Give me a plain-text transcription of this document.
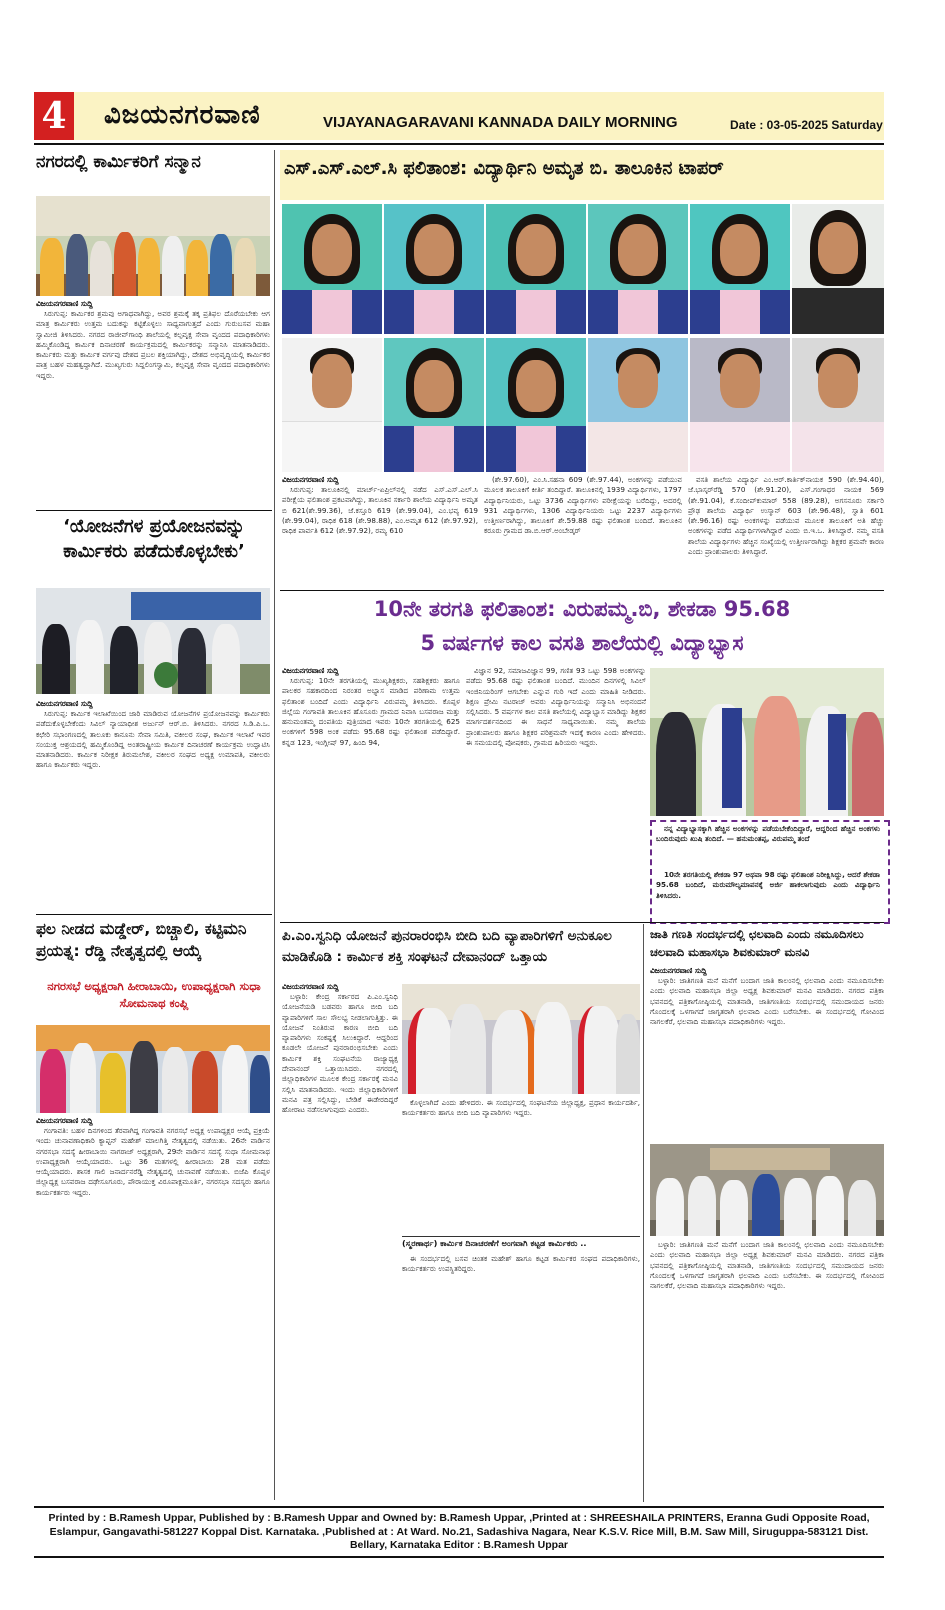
4 ವಿಜಯನಗರವಾಣಿ	VIJAYANAGARAVANI KANNADA DAILY MORNING	Date : 03-05-2025 Saturday
ನಗರದಲ್ಲಿ ಕಾರ್ಮಿಕರಿಗೆ ಸನ್ಮಾನ
ವಿಜಯನಗರವಾಣಿ ಸುದ್ದಿ

ಸಿರುಗುಪ್ಪ: ಕಾರ್ಮಿಕರ ಶ್ರಮವು ಅಗಾಧವಾಗಿದ್ದು, ಅವರ ಶ್ರಮಕ್ಕೆ ತಕ್ಕ ಪ್ರತಿಫಲ ದೊರೆಯಬೇಕು ಆಗ ಮಾತ್ರ ಕಾರ್ಮಿಕರು ಉತ್ತಮ ಬದುಕನ್ನು ಕಟ್ಟಿಕೊಳ್ಳಲು ಸಾಧ್ಯವಾಗುತ್ತದೆ ಎಂದು ಗುರುಬಸವ ಮಹಾ ಸ್ವಾಮೀಜಿ ತಿಳಿಸಿದರು. ನಗರದ ರಾಜೀವ್‌ಗಾಂಧಿ ಶಾಲೆಯಲ್ಲಿ ಕಲ್ಪವೃಕ್ಷ ಸೇವಾ ವೃಂದದ ಪದಾಧಿಕಾರಿಗಳು ಹಮ್ಮಿಕೊಂಡಿದ್ದ ಕಾರ್ಮಿಕ ದಿನಾಚರಣೆ ಕಾರ್ಯಕ್ರಮದಲ್ಲಿ ಕಾರ್ಮಿಕರನ್ನು ಸನ್ಮಾನಿಸಿ ಮಾತನಾಡಿದರು. ಕಾರ್ಮಿಕರು ಮತ್ತು ಕಾರ್ಮಿಕ ವರ್ಗವು ದೇಶದ ಪ್ರಬಲ ಶಕ್ತಿಯಾಗಿದ್ದು, ದೇಶದ ಅಭಿವೃದ್ಧಿಯಲ್ಲಿ ಕಾರ್ಮಿಕರ ಪಾತ್ರ ಬಹಳ ಮಹತ್ವದ್ದಾಗಿದೆ. ಮುಖ್ಯಗುರು ಸಿದ್ದಲಿಂಗಸ್ವಾಮಿ, ಕಲ್ಪವೃಕ್ಷ ಸೇವಾ ವೃಂದದ ಪದಾಧಿಕಾರಿಗಳು ಇದ್ದರು.

‘ಯೋಜನೆಗಳ ಪ್ರಯೋಜನವನ್ನು ಕಾರ್ಮಿಕರು ಪಡೆದುಕೊಳ್ಳಬೇಕು’
ವಿಜಯನಗರವಾಣಿ ಸುದ್ದಿ

ಸಿರುಗುಪ್ಪ: ಕಾರ್ಮಿಕ ಇಲಾಖೆಯಿಂದ ಜಾರಿ ಮಾಡಿರುವ ಯೋಜನೆಗಳ ಪ್ರಯೋಜನವನ್ನು ಕಾರ್ಮಿಕರು ಪಡೆದುಕೊಳ್ಳಬೇಕೆಂದು ಸಿವಿಲ್ ನ್ಯಾಯಾಧೀಶ ಅರ್ಜುನ್ ಆರ್.ಬಿ. ತಿಳಿಸಿದರು. ನಗರದ ಸಿ.ಡಿ.ಪಿ.ಒ. ಕಛೇರಿ ಸಭಾಂಗಣದಲ್ಲಿ ತಾಲೂಕು ಕಾನೂನು ಸೇವಾ ಸಮಿತಿ, ವಕೀಲರ ಸಂಘ, ಕಾರ್ಮಿಕ ಇಲಾಖೆ ಇವರ ಸಂಯುಕ್ತ ಆಶ್ರಯದಲ್ಲಿ ಹಮ್ಮಿಕೊಂಡಿದ್ದ ಅಂತರಾಷ್ಟ್ರೀಯ ಕಾರ್ಮಿಕ ದಿನಾಚರಣೆ ಕಾರ್ಯಕ್ರಮ ಉದ್ಘಾಟಿಸಿ ಮಾತನಾಡಿದರು. ಕಾರ್ಮಿಕ ನಿರೀಕ್ಷಕ ತಿರುಮಲೇಶ, ವಕೀಲರ ಸಂಘದ ಅಧ್ಯಕ್ಷ ಉಮಾಪತಿ, ವಕೀಲರು ಹಾಗೂ ಕಾರ್ಮಿಕರು ಇದ್ದರು.

ಫಲ ನೀಡದ ಮಡ್ಡೇರ್, ಬಿಚ್ಚಾಲಿ, ಕಟ್ಟಿಮನಿ ಪ್ರಯತ್ನ: ರೆಡ್ಡಿ ನೇತೃತ್ವದಲ್ಲಿ ಆಯ್ಕೆ
ನಗರಸಭೆ ಅಧ್ಯಕ್ಷರಾಗಿ ಹೀರಾಬಾಯಿ, ಉಪಾಧ್ಯಕ್ಷರಾಗಿ ಸುಧಾ ಸೋಮನಾಥ ಕಂಪ್ಲಿ
ವಿಜಯನಗರವಾಣಿ ಸುದ್ದಿ

ಗಂಗಾವತಿ: ಬಹಳ ದಿನಗಳಿಂದ ತೆರವಾಗಿದ್ದ ಗಂಗಾವತಿ ನಗರಸಭೆ ಅಧ್ಯಕ್ಷ ಉಪಾಧ್ಯಕ್ಷರ ಆಯ್ಕೆ ಪ್ರಕ್ರಿಯೆ ಇಂದು ಚುನಾವಣಾಧಿಕಾರಿ ಕ್ಯಾಪ್ಟನ್ ಮಹೇಶ್ ಮಾಲಗಿತ್ತಿ ನೇತೃತ್ವದಲ್ಲಿ ನಡೆಯಿತು. 26ನೇ ವಾರ್ಡಿನ ನಗರಸಭಾ ಸದಸ್ಯೆ ಹೀರಾಬಾಯಿ ನಾಗರಾಜ್ ಅಧ್ಯಕ್ಷರಾಗಿ, 29ನೇ ವಾರ್ಡಿನ ಸದಸ್ಯೆ ಸುಧಾ ಸೋಮನಾಥ ಉಪಾಧ್ಯಕ್ಷರಾಗಿ ಆಯ್ಕೆಯಾದರು. ಒಟ್ಟು 36 ಮತಗಳಲ್ಲಿ ಹೀರಾಬಾಯಿ 28 ಮತ ಪಡೆದು ಆಯ್ಕೆಯಾದರು. ಶಾಸಕ ಗಾಲಿ ಜನಾರ್ದನರೆಡ್ಡಿ ನೇತೃತ್ವದಲ್ಲಿ ಚುನಾವಣೆ ನಡೆಯಿತು. ಬಿಜೆಪಿ ಕೊಪ್ಪಳ ಜಿಲ್ಲಾಧ್ಯಕ್ಷ ಬಸವರಾಜ ದಢೇಸೂಗೂರು, ಪೌರಾಯುಕ್ತ ವಿರೂಪಾಕ್ಷಮೂರ್ತಿ, ನಗರಸಭಾ ಸದಸ್ಯರು ಹಾಗೂ ಕಾರ್ಯಕರ್ತರು ಇದ್ದರು.

ಎಸ್.ಎಸ್.ಎಲ್.ಸಿ ಫಲಿತಾಂಶ: ವಿದ್ಯಾರ್ಥಿನಿ ಅಮೃತ ಬಿ. ತಾಲೂಕಿನ ಟಾಪರ್
ವಿಜಯನಗರವಾಣಿ ಸುದ್ದಿ

ಸಿರುಗುಪ್ಪ: ತಾಲೂಕಿನಲ್ಲಿ ಮಾರ್ಚ್-ಏಪ್ರಿಲ್‌ನಲ್ಲಿ ನಡೆದ ಎಸ್.ಎಸ್.ಎಲ್.ಸಿ ಪರೀಕ್ಷೆಯ ಫಲಿತಾಂಶ ಪ್ರಕಟವಾಗಿದ್ದು, ತಾಲೂಕಿನ ಸರ್ಕಾರಿ ಶಾಲೆಯ ವಿದ್ಯಾರ್ಥಿನಿ ಅಮೃತ ಬಿ 621(ಶೇ.99.36), ಜೆ.ಕಸ್ತೂರಿ 619 (ಶೇ.99.04), ಎಂ.ಭವ್ಯ 619 (ಶೇ.99.04), ರಾಧಿಕ 618 (ಶೇ.98.88), ಎಂ.ಅಮೃತ 612 (ಶೇ.97.92), ರಾಧಿಕ ಪಾರ್ವತಿ 612 (ಶೇ.97.92), ರಮ್ಯ 610

(ಶೇ.97.60), ಎಂ.ಸಿ.ಸಹನಾ 609 (ಶೇ.97.44), ಅಂಕಗಳನ್ನು ಪಡೆಯುವ ಮೂಲಕ ತಾಲೂಕಿಗೆ ಕೀರ್ತಿ ತಂದಿದ್ದಾರೆ. ತಾಲೂಕಿನಲ್ಲಿ 1939 ವಿದ್ಯಾರ್ಥಿಗಳು, 1797 ವಿದ್ಯಾರ್ಥಿನಿಯರು, ಒಟ್ಟು 3736 ವಿದ್ಯಾರ್ಥಿಗಳು ಪರೀಕ್ಷೆಯನ್ನು ಬರೆದಿದ್ದು, ಅದರಲ್ಲಿ 931 ವಿದ್ಯಾರ್ಥಿಗಳು, 1306 ವಿದ್ಯಾರ್ಥಿನಿಯರು ಒಟ್ಟು 2237 ವಿದ್ಯಾರ್ಥಿಗಳು ಉತ್ತೀರ್ಣರಾಗಿದ್ದು, ತಾಲೂಕಿಗೆ ಶೇ.59.88 ರಷ್ಟು ಫಲಿತಾಂಶ ಬಂದಿದೆ. ತಾಲೂಕಿನ ಕರೂರು ಗ್ರಾಮದ ಡಾ.ಬಿ.ಆರ್.ಅಂಬೇಡ್ಕರ್

ವಸತಿ ಶಾಲೆಯ ವಿದ್ಯಾರ್ಥಿ ಎಂ.ಆರ್.ಕಾರ್ತಿಕ್‌ನಾಯಕ 590 (ಶೇ.94.40), ಜೆ.ಭಾಸ್ಕರ್‌ರೆಡ್ಡಿ 570 (ಶೇ.91.20), ಎಸ್.ಗಂಗಾಧರ ನಾಯಕ 569 (ಶೇ.91.04), ಕೆ.ಸಂದೀಪ್‌ಕುಮಾರ್ 558 (89.28), ಅಗಸನೂರು ಸರ್ಕಾರಿ ಪ್ರೌಢ ಶಾಲೆಯ ವಿದ್ಯಾರ್ಥಿ ಉಸ್ಮಾನ್ 603 (ಶೇ.96.48), ಸ್ವಾತಿ 601 (ಶೇ.96.16) ರಷ್ಟು ಅಂಕಗಳನ್ನು ಪಡೆಯುವ ಮೂಲಕ ತಾಲೂಕಿಗೆ ಅತಿ ಹೆಚ್ಚು ಅಂಕಗಳನ್ನು ಪಡೆದ ವಿದ್ಯಾರ್ಥಿಗಳಾಗಿದ್ದಾರೆ ಎಂದು ಬಿ.ಇ.ಒ. ತಿಳಿಸಿದ್ದಾರೆ. ನಮ್ಮ ವಸತಿ ಶಾಲೆಯ ವಿದ್ಯಾರ್ಥಿಗಳು ಹೆಚ್ಚಿನ ಸಂಖ್ಯೆಯಲ್ಲಿ ಉತ್ತೀರ್ಣರಾಗಿದ್ದು ಶಿಕ್ಷಕರ ಶ್ರಮವೇ ಕಾರಣ ಎಂದು ಪ್ರಾಂಶುಪಾಲರು ತಿಳಿಸಿದ್ದಾರೆ.

10ನೇ ತರಗತಿ ಫಲಿತಾಂಶ: ವಿರುಪಮ್ಮ.ಬಿ, ಶೇಕಡಾ 95.68
5 ವರ್ಷಗಳ ಕಾಲ ವಸತಿ ಶಾಲೆಯಲ್ಲಿ ವಿದ್ಯಾಭ್ಯಾಸ
ವಿಜಯನಗರವಾಣಿ ಸುದ್ದಿ

ಸಿರುಗುಪ್ಪ: 10ನೇ ತರಗತಿಯಲ್ಲಿ ಮುಖ್ಯಶಿಕ್ಷಕರು, ಸಹಶಿಕ್ಷಕರು ಹಾಗೂ ಪಾಲಕರ ಸಹಕಾರದಿಂದ ನಿರಂತರ ಅಭ್ಯಾಸ ಮಾಡಿದ ಪರಿಣಾಮ ಉತ್ತಮ ಫಲಿತಾಂಶ ಬಂದಿದೆ ಎಂದು ವಿದ್ಯಾರ್ಥಿನಿ ವಿರುಪಮ್ಮ ತಿಳಿಸಿದರು. ಕೊಪ್ಪಳ ಜಿಲ್ಲೆಯ ಗಂಗಾವತಿ ತಾಲೂಕಿನ ಹೊಸೂರು ಗ್ರಾಮದ ನಿವಾಸಿ ಬಸವರಾಜ ಮತ್ತು ಹನುಮಂತಮ್ಮ ದಂಪತಿಯ ಪುತ್ರಿಯಾದ ಇವರು 10ನೇ ತರಗತಿಯಲ್ಲಿ 625 ಅಂಕಗಳಿಗೆ 598 ಅಂಕ ಪಡೆದು 95.68 ರಷ್ಟು ಫಲಿತಾಂಶ ಪಡೆದಿದ್ದಾರೆ. ಕನ್ನಡ 123, ಇಂಗ್ಲೀಷ್ 97, ಹಿಂದಿ 94,

ವಿಜ್ಞಾನ 92, ಸಮಾಜವಿಜ್ಞಾನ 99, ಗಣಿತ 93 ಒಟ್ಟು 598 ಅಂಕಗಳನ್ನು ಪಡೆದು 95.68 ರಷ್ಟು ಫಲಿತಾಂಶ ಬಂದಿದೆ. ಮುಂದಿನ ದಿನಗಳಲ್ಲಿ ಸಿವಿಲ್ ಇಂಜಿನಿಯರಿಂಗ್ ಆಗಬೇಕು ಎನ್ನುವ ಗುರಿ ಇದೆ ಎಂದು ಮಾಹಿತಿ ನೀಡಿದರು. ಶಿಕ್ಷಣ ಪ್ರೇಮಿ ನಟರಾಜ್ ಅವರು ವಿದ್ಯಾರ್ಥಿನಿಯನ್ನು ಸನ್ಮಾನಿಸಿ ಅಭಿನಂದನೆ ಸಲ್ಲಿಸಿದರು. 5 ವರ್ಷಗಳ ಕಾಲ ವಸತಿ ಶಾಲೆಯಲ್ಲಿ ವಿದ್ಯಾಭ್ಯಾಸ ಮಾಡಿದ್ದು ಶಿಕ್ಷಕರ ಮಾರ್ಗದರ್ಶನದಿಂದ ಈ ಸಾಧನೆ ಸಾಧ್ಯವಾಯಿತು. ನಮ್ಮ ಶಾಲೆಯ ಪ್ರಾಂಶುಪಾಲರು ಹಾಗೂ ಶಿಕ್ಷಕರ ಪರಿಶ್ರಮವೇ ಇದಕ್ಕೆ ಕಾರಣ ಎಂದು ಹೇಳಿದರು. ಈ ಸಮಯದಲ್ಲಿ ಪೋಷಕರು, ಗ್ರಾಮದ ಹಿರಿಯರು ಇದ್ದರು.

ನನ್ನ ವಿದ್ಯಾಭ್ಯಾಸಕ್ಕಾಗಿ ಹೆಚ್ಚಿನ ಅಂಕಗಳನ್ನು ಪಡೆಯಬೇಕೆಂದಿದ್ದಾರೆ, ಆದ್ದರಿಂದ ಹೆಚ್ಚಿನ ಅಂಕಗಳು ಬಂದಿರುವುದು ಖುಷಿ ತಂದಿದೆ. — ಹನುಮಂತಪ್ಪ, ವಿರುಪಮ್ಮ ತಂದೆ

10ನೇ ತರಗತಿಯಲ್ಲಿ ಶೇಕಡಾ 97 ಅಥವಾ 98 ರಷ್ಟು ಫಲಿತಾಂಶ ನಿರೀಕ್ಷಿಸಿದ್ದು, ಆದರೆ ಶೇಕಡಾ 95.68 ಬಂದಿದೆ, ಮರುಮೌಲ್ಯಮಾಪನಕ್ಕೆ ಅರ್ಜಿ ಹಾಕಲಾಗುವುದು ಎಂದು ವಿದ್ಯಾರ್ಥಿನಿ ತಿಳಿಸಿದರು.

ಪಿ.ಎಂ.ಸ್ವನಿಧಿ ಯೋಜನೆ ಪುನರಾರಂಭಿಸಿ ಬೀದಿ ಬದಿ ವ್ಯಾಪಾರಿಗಳಿಗೆ ಅನುಕೂಲ ಮಾಡಿಕೊಡಿ : ಕಾರ್ಮಿಕ ಶಕ್ತಿ ಸಂಘಟನೆ ದೇವಾನಂದ್ ಒತ್ತಾಯ
ವಿಜಯನಗರವಾಣಿ ಸುದ್ದಿ

ಬಳ್ಳಾರಿ: ಕೇಂದ್ರ ಸರ್ಕಾರದ ಪಿ.ಎಂ.ಸ್ವನಿಧಿ ಯೋಜನೆಯಡಿ ಬಡವರು ಹಾಗೂ ಬೀದಿ ಬದಿ ವ್ಯಾಪಾರಿಗಳಿಗೆ ಸಾಲ ಸೌಲಭ್ಯ ನೀಡಲಾಗುತ್ತಿತ್ತು. ಈ ಯೋಜನೆ ನಿಂತಿರುವ ಕಾರಣ ಬೀದಿ ಬದಿ ವ್ಯಾಪಾರಿಗಳು ಸಂಕಷ್ಟಕ್ಕೆ ಸಿಲುಕಿದ್ದಾರೆ. ಆದ್ದರಿಂದ ಕೂಡಲೇ ಯೋಜನೆ ಪುನರಾರಂಭಿಸಬೇಕು ಎಂದು ಕಾರ್ಮಿಕ ಶಕ್ತಿ ಸಂಘಟನೆಯ ರಾಜ್ಯಾಧ್ಯಕ್ಷ ದೇವಾನಂದ್ ಒತ್ತಾಯಿಸಿದರು. ನಗರದಲ್ಲಿ ಜಿಲ್ಲಾಧಿಕಾರಿಗಳ ಮೂಲಕ ಕೇಂದ್ರ ಸರ್ಕಾರಕ್ಕೆ ಮನವಿ ಸಲ್ಲಿಸಿ ಮಾತನಾಡಿದರು. ಇಂದು ಜಿಲ್ಲಾಧಿಕಾರಿಗಳಿಗೆ ಮನವಿ ಪತ್ರ ಸಲ್ಲಿಸಿದ್ದು, ಬೇಡಿಕೆ ಈಡೇರದಿದ್ದರೆ ಹೋರಾಟ ನಡೆಸಲಾಗುವುದು ಎಂದರು.

ಕೊಳ್ಳಲಾಗಿದೆ ಎಂದು ಹೇಳಿದರು. ಈ ಸಂದರ್ಭದಲ್ಲಿ ಸಂಘಟನೆಯ ಜಿಲ್ಲಾಧ್ಯಕ್ಷ, ಪ್ರಧಾನ ಕಾರ್ಯದರ್ಶಿ, ಕಾರ್ಯಕರ್ತರು ಹಾಗೂ ಬೀದಿ ಬದಿ ವ್ಯಾಪಾರಿಗಳು ಇದ್ದರು.

(ಸ್ಮರಣಾರ್ಥ) ಕಾರ್ಮಿಕ ದಿನಾಚರಣೆಗೆ ಅಂಗವಾಗಿ ಕಟ್ಟಡ ಕಾರ್ಮಿಕರು ..

ಈ ಸಂದರ್ಭದಲ್ಲಿ ಬಸವ ಚಿಂತಕ ಮಹೇಶ್ ಹಾಗೂ ಕಟ್ಟಡ ಕಾರ್ಮಿಕರ ಸಂಘದ ಪದಾಧಿಕಾರಿಗಳು, ಕಾರ್ಯಕರ್ತರು ಉಪಸ್ಥಿತರಿದ್ದರು.

ಜಾತಿ ಗಣತಿ ಸಂದರ್ಭದಲ್ಲಿ ಛಲವಾದಿ ಎಂದು ನಮೂದಿಸಲು ಚಲವಾದಿ ಮಹಾಸಭಾ ಶಿವಕುಮಾರ್ ಮನವಿ
ವಿಜಯನಗರವಾಣಿ ಸುದ್ದಿ

ಬಳ್ಳಾರಿ: ಜಾತಿಗಣತಿ ಮನೆ ಮನೆಗೆ ಬಂದಾಗ ಜಾತಿ ಕಾಲಂನಲ್ಲಿ ಛಲವಾದಿ ಎಂದು ನಮೂದಿಸಬೇಕು ಎಂದು ಛಲವಾದಿ ಮಹಾಸಭಾ ಜಿಲ್ಲಾ ಅಧ್ಯಕ್ಷ ಶಿವಕುಮಾರ್ ಮನವಿ ಮಾಡಿದರು. ನಗರದ ಪತ್ರಿಕಾ ಭವನದಲ್ಲಿ ಪತ್ರಿಕಾಗೋಷ್ಠಿಯಲ್ಲಿ ಮಾತನಾಡಿ, ಜಾತಿಗಣತಿಯ ಸಂದರ್ಭದಲ್ಲಿ ಸಮುದಾಯದ ಜನರು ಗೊಂದಲಕ್ಕೆ ಒಳಗಾಗದೆ ಜಾಗೃತರಾಗಿ ಛಲವಾದಿ ಎಂದು ಬರೆಸಬೇಕು. ಈ ಸಂದರ್ಭದಲ್ಲಿ ಗೋವಿಂದ ನಾಗಲಕೆರೆ, ಛಲವಾದಿ ಮಹಾಸಭಾ ಪದಾಧಿಕಾರಿಗಳು ಇದ್ದರು.

ಬಳ್ಳಾರಿ: ಜಾತಿಗಣತಿ ಮನೆ ಮನೆಗೆ ಬಂದಾಗ ಜಾತಿ ಕಾಲಂನಲ್ಲಿ ಛಲವಾದಿ ಎಂದು ನಮೂದಿಸಬೇಕು ಎಂದು ಛಲವಾದಿ ಮಹಾಸಭಾ ಜಿಲ್ಲಾ ಅಧ್ಯಕ್ಷ ಶಿವಕುಮಾರ್ ಮನವಿ ಮಾಡಿದರು. ನಗರದ ಪತ್ರಿಕಾ ಭವನದಲ್ಲಿ ಪತ್ರಿಕಾಗೋಷ್ಠಿಯಲ್ಲಿ ಮಾತನಾಡಿ, ಜಾತಿಗಣತಿಯ ಸಂದರ್ಭದಲ್ಲಿ ಸಮುದಾಯದ ಜನರು ಗೊಂದಲಕ್ಕೆ ಒಳಗಾಗದೆ ಜಾಗೃತರಾಗಿ ಛಲವಾದಿ ಎಂದು ಬರೆಸಬೇಕು. ಈ ಸಂದರ್ಭದಲ್ಲಿ ಗೋವಿಂದ ನಾಗಲಕೆರೆ, ಛಲವಾದಿ ಮಹಾಸಭಾ ಪದಾಧಿಕಾರಿಗಳು ಇದ್ದರು.

Printed by : B.Ramesh Uppar, Published by : B.Ramesh Uppar and Owned by: B.Ramesh Uppar, ,Printed at : SHREESHAILA PRINTERS, Eranna Gudi Opposite Road,
Eslampur, Gangavathi-581227 Koppal Dist. Karnataka. ,Published at : At Ward. No.21, Sadashiva Nagara, Near K.S.V. Rice Mill, B.M. Saw Mill, Siruguppa-583121 Dist.
Bellary, Karnataka Editor : B.Ramesh Uppar
